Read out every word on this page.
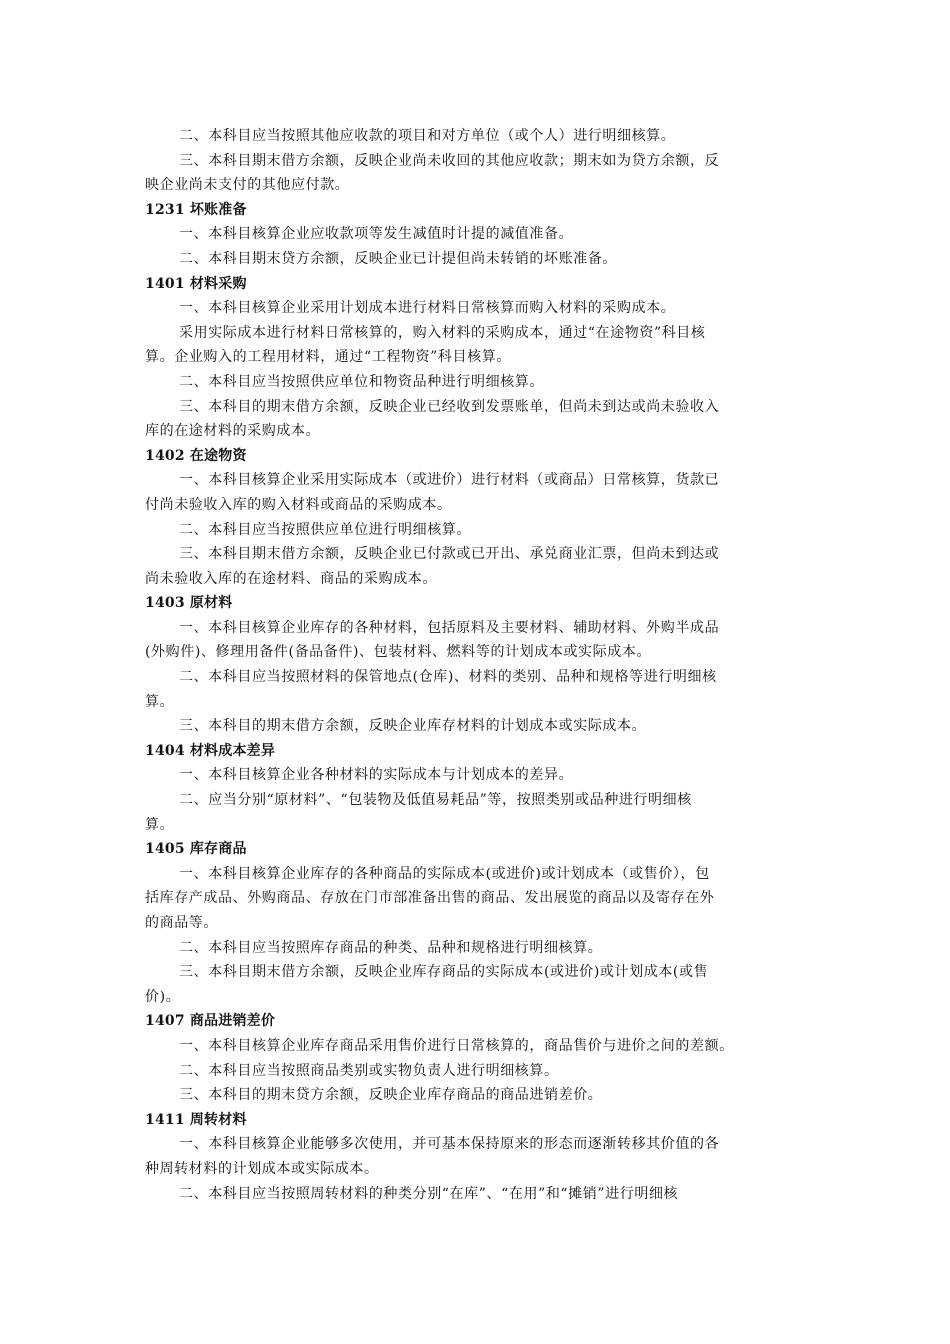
二、本科目应当按照其他应收款的项目和对方单位（或个人）进行明细核算。
三、本科目期末借方余额，反映企业尚未收回的其他应收款；期末如为贷方余额，反
映企业尚未支付的其他应付款。
1231 坏账准备
一、本科目核算企业应收款项等发生减值时计提的减值准备。
二、本科目期末贷方余额，反映企业已计提但尚未转销的坏账准备。
1401 材料采购
一、本科目核算企业采用计划成本进行材料日常核算而购入材料的采购成本。
采用实际成本进行材料日常核算的，购入材料的采购成本，通过“在途物资”科目核
算。企业购入的工程用材料，通过“工程物资”科目核算。
二、本科目应当按照供应单位和物资品种进行明细核算。
三、本科目的期末借方余额，反映企业已经收到发票账单，但尚未到达或尚未验收入
库的在途材料的采购成本。
1402 在途物资
一、本科目核算企业采用实际成本（或进价）进行材料（或商品）日常核算，货款已
付尚未验收入库的购入材料或商品的采购成本。
二、本科目应当按照供应单位进行明细核算。
三、本科目期末借方余额，反映企业已付款或已开出、承兑商业汇票，但尚未到达或
尚未验收入库的在途材料、商品的采购成本。
1403 原材料
一、本科目核算企业库存的各种材料，包括原料及主要材料、辅助材料、外购半成品
(外购件)、修理用备件(备品备件)、包装材料、燃料等的计划成本或实际成本。
二、本科目应当按照材料的保管地点(仓库)、材料的类别、品种和规格等进行明细核
算。
三、本科目的期末借方余额，反映企业库存材料的计划成本或实际成本。
1404 材料成本差异
一、本科目核算企业各种材料的实际成本与计划成本的差异。
二、应当分别“原材料”、“包装物及低值易耗品”等，按照类别或品种进行明细核
算。
1405 库存商品
一、本科目核算企业库存的各种商品的实际成本(或进价)或计划成本（或售价），包
括库存产成品、外购商品、存放在门市部准备出售的商品、发出展览的商品以及寄存在外
的商品等。
二、本科目应当按照库存商品的种类、品种和规格进行明细核算。
三、本科目期末借方余额，反映企业库存商品的实际成本(或进价)或计划成本(或售
价)。
1407 商品进销差价
一、本科目核算企业库存商品采用售价进行日常核算的，商品售价与进价之间的差额。
二、本科目应当按照商品类别或实物负责人进行明细核算。
三、本科目的期末贷方余额，反映企业库存商品的商品进销差价。
1411 周转材料
一、本科目核算企业能够多次使用，并可基本保持原来的形态而逐渐转移其价值的各
种周转材料的计划成本或实际成本。
二、本科目应当按照周转材料的种类分别“在库”、“在用”和“摊销”进行明细核
